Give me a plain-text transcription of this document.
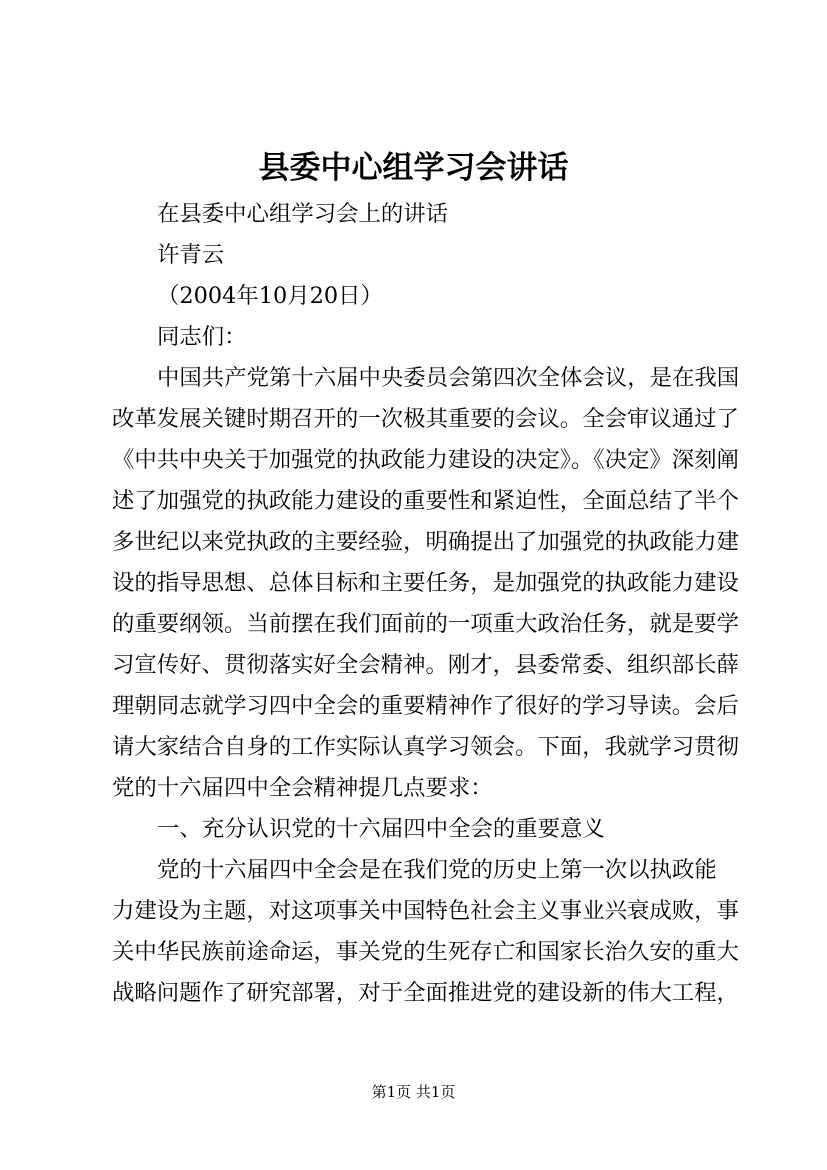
县委中心组学习会讲话
在县委中心组学习会上的讲话
许青云
（2004年10月20日）
同志们：
中国共产党第十六届中央委员会第四次全体会议，是在我国
改革发展关键时期召开的一次极其重要的会议。全会审议通过了
《中共中央关于加强党的执政能力建设的决定》。《决定》深刻阐
述了加强党的执政能力建设的重要性和紧迫性，全面总结了半个
多世纪以来党执政的主要经验，明确提出了加强党的执政能力建
设的指导思想、总体目标和主要任务，是加强党的执政能力建设
的重要纲领。当前摆在我们面前的一项重大政治任务，就是要学
习宣传好、贯彻落实好全会精神。刚才，县委常委、组织部长薛
理朝同志就学习四中全会的重要精神作了很好的学习导读。会后
请大家结合自身的工作实际认真学习领会。下面，我就学习贯彻
党的十六届四中全会精神提几点要求：
一、充分认识党的十六届四中全会的重要意义
党的十六届四中全会是在我们党的历史上第一次以执政能
力建设为主题，对这项事关中国特色社会主义事业兴衰成败，事
关中华民族前途命运，事关党的生死存亡和国家长治久安的重大
战略问题作了研究部署，对于全面推进党的建设新的伟大工程，
第1页 共1页
